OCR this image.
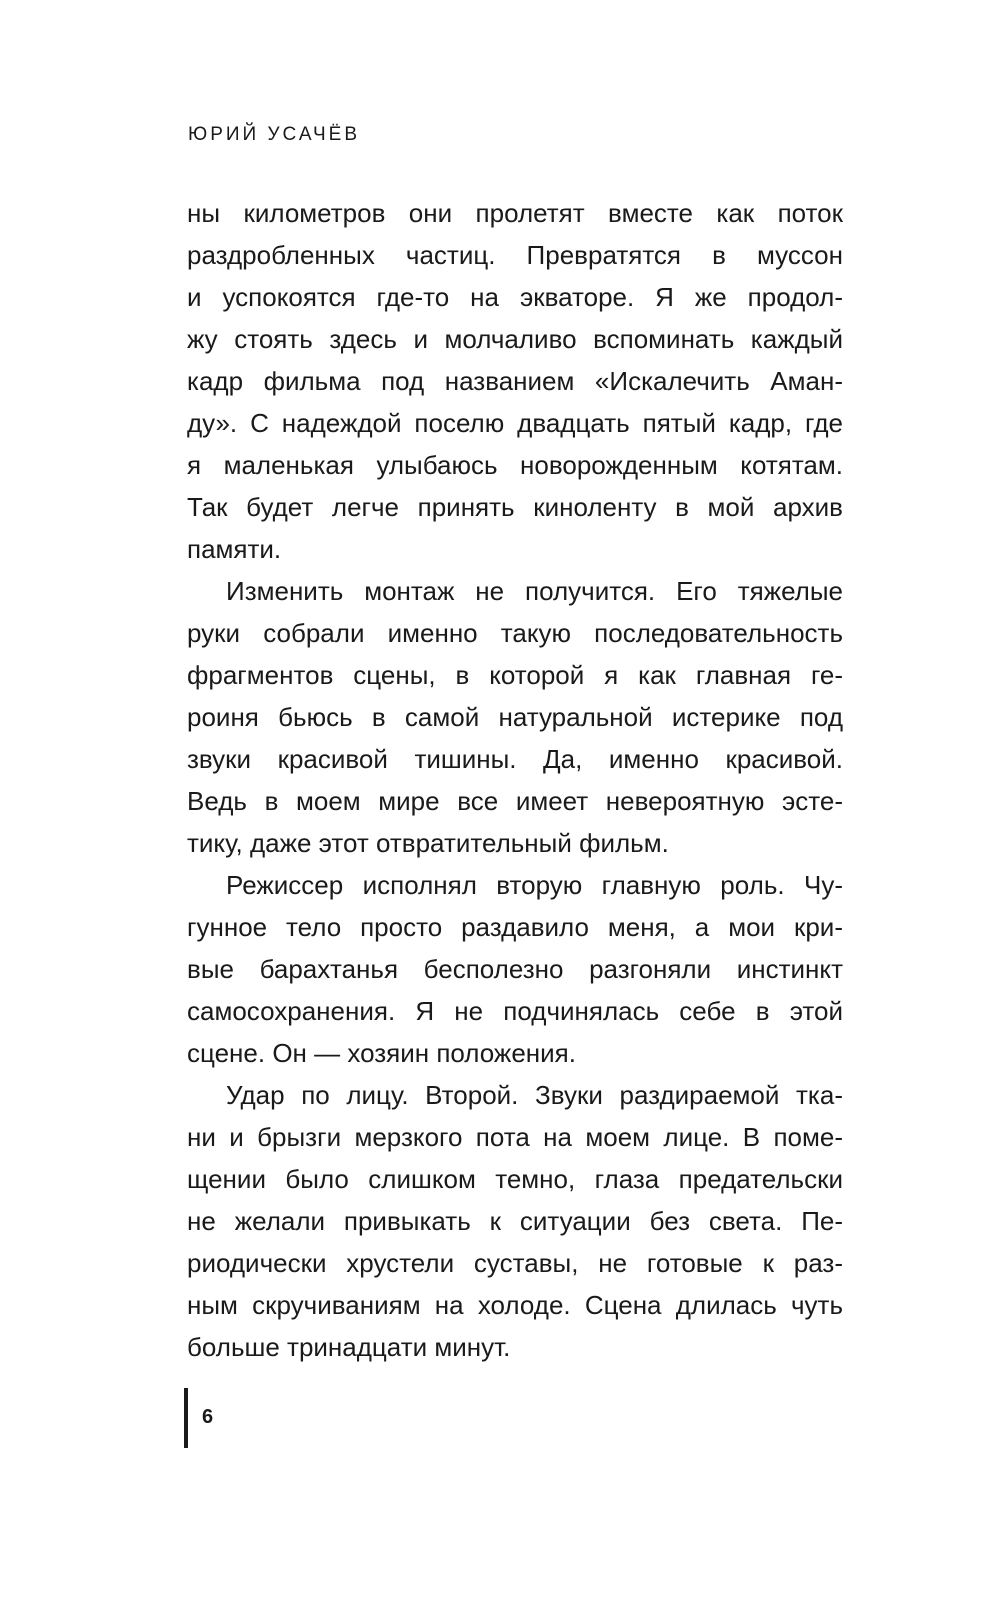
ЮРИЙ УСАЧЁВ
ны километров они пролетят вместе как поток
раздробленных частиц. Превратятся в муссон
и успокоятся где-то на экваторе. Я же продол-
жу стоять здесь и молчаливо вспоминать каждый
кадр фильма под названием «Искалечить Аман-
ду». С надеждой поселю двадцать пятый кадр, где
я маленькая улыбаюсь новорожденным котятам.
Так будет легче принять киноленту в мой архив
памяти.
Изменить монтаж не получится. Его тяжелые
руки собрали именно такую последовательность
фрагментов сцены, в которой я как главная ге-
роиня бьюсь в самой натуральной истерике под
звуки красивой тишины. Да, именно красивой.
Ведь в моем мире все имеет невероятную эсте-
тику, даже этот отвратительный фильм.
Режиссер исполнял вторую главную роль. Чу-
гунное тело просто раздавило меня, а мои кри-
вые барахтанья бесполезно разгоняли инстинкт
самосохранения. Я не подчинялась себе в этой
сцене. Он — хозяин положения.
Удар по лицу. Второй. Звуки раздираемой тка-
ни и брызги мерзкого пота на моем лице. В поме-
щении было слишком темно, глаза предательски
не желали привыкать к ситуации без света. Пе-
риодически хрустели суставы, не готовые к раз-
ным скручиваниям на холоде. Сцена длилась чуть
больше тринадцати минут.
6
